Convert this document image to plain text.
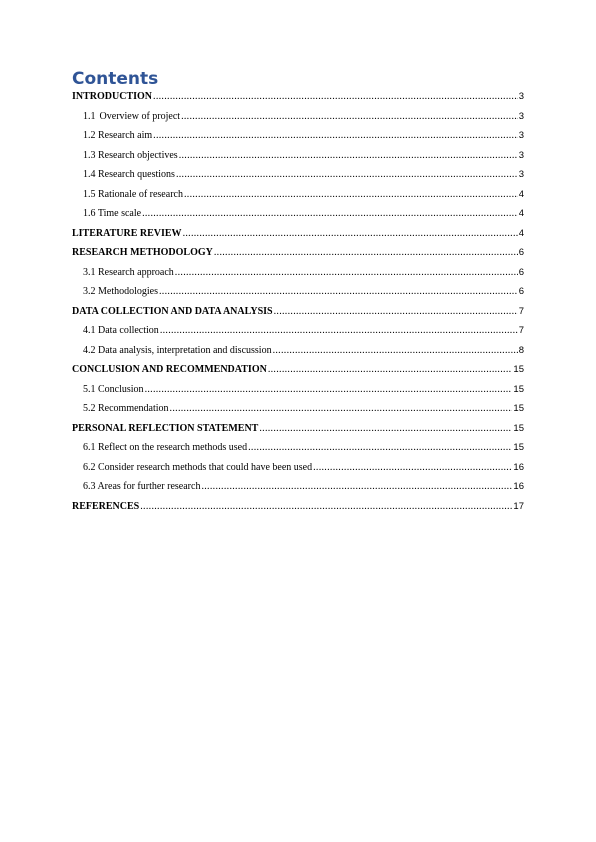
Contents
INTRODUCTION .....	3
1.1 Overview of project .....	3
1.2 Research aim .....	3
1.3 Research objectives .....	3
1.4 Research questions .....	3
1.5 Rationale of research .....	4
1.6 Time scale .....	4
LITERATURE REVIEW .....	4
RESEARCH METHODOLOGY .....	6
3.1 Research approach .....	6
3.2 Methodologies .....	6
DATA COLLECTION AND DATA ANALYSIS .....	7
4.1 Data collection .....	7
4.2 Data analysis, interpretation and discussion .....	8
CONCLUSION AND RECOMMENDATION .....	15
5.1 Conclusion .....	15
5.2 Recommendation .....	15
PERSONAL REFLECTION STATEMENT .....	15
6.1 Reflect on the research methods used .....	15
6.2 Consider research methods that could have been used .....	16
6.3 Areas for further research .....	16
REFERENCES .....	17
